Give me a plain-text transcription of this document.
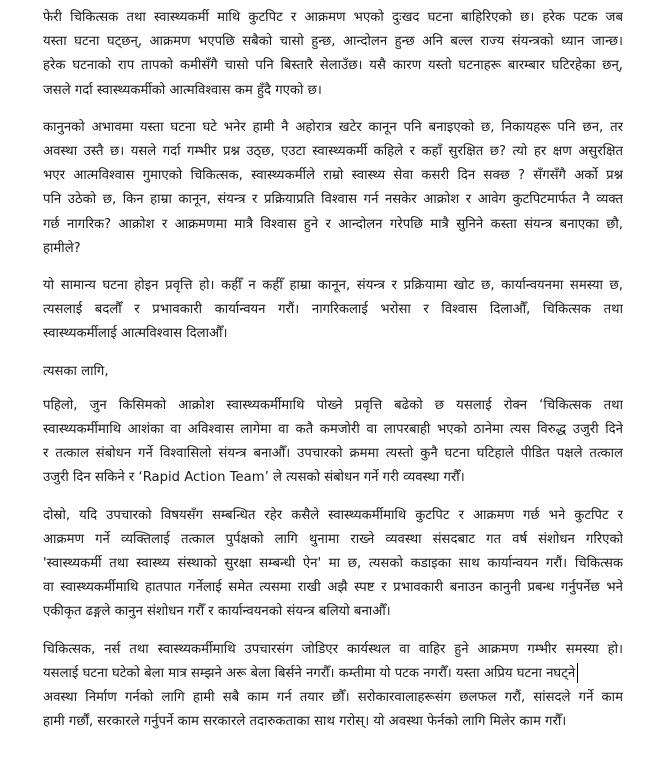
फेरी चिकित्सक तथा स्वास्थ्यकर्मी माथि कुटपिट र आक्रमण भएको दुःखद घटना बाहिरिएको छ। हरेक पटक जब
यस्ता घटना घट्छन्, आक्रमण भएपछि सबैको चासो हुन्छ, आन्दोलन हुन्छ अनि बल्ल राज्य संयन्त्रको ध्यान जान्छ।
हरेक घटनाको राप तापको कमीसँगै चासो पनि बिस्तारै सेलाउँछ। यसै कारण यस्तो घटनाहरू बारम्बार घटिरहेका छन्,
जसले गर्दा स्वास्थ्यकर्मीको आत्मविश्वास कम हुँदै गएको छ।
कानुनको अभावमा यस्ता घटना घटे भनेर हामी नै अहोरात्र खटेर कानून पनि बनाइएको छ, निकायहरू पनि छन, तर
अवस्था उस्तै छ। यसले गर्दा गम्भीर प्रश्न उठ्छ, एउटा स्वास्थ्यकर्मी कहिले र कहाँ सुरक्षित छ? त्यो हर क्षण असुरक्षित
भएर आत्मविश्वास गुमाएको चिकित्सक, स्वास्थ्यकर्मीले राम्रो स्वास्थ्य सेवा कसरी दिन सक्छ ? सँगसँगै अर्को प्रश्न
पनि उठेको छ, किन हाम्रा कानून, संयन्त्र र प्रक्रियाप्रति विश्वास गर्न नसकेर आक्रोश र आवेग कुटपिटमार्फत नै व्यक्त
गर्छ नागरिक? आक्रोश र आक्रमणमा मात्रै विश्वास हुने र आन्दोलन गरेपछि मात्रै सुनिने कस्ता संयन्त्र बनाएका छौ,
हामीले?
यो सामान्य घटना होइन प्रवृत्ति हो। कहीँ न कहीँ हाम्रा कानून, संयन्त्र र प्रक्रियामा खोट छ, कार्यान्वयनमा समस्या छ,
त्यसलाई बदलौँ र प्रभावकारी कार्यान्वयन गरौं। नागरिकलाई भरोसा र विश्वास दिलाऔँ, चिकित्सक तथा
स्वास्थ्यकर्मीलाई आत्मविश्वास दिलाऔँ।
त्यसका लागि,
पहिलो, जुन किसिमको आक्रोश स्वास्थ्यकर्मीमाथि पोख्ने प्रवृत्ति बढेको छ यसलाई रोक्न ‘चिकित्सक तथा
स्वास्थ्यकर्मीमाथि आशंका वा अविश्वास लागेमा वा कतै कमजोरी वा लापरबाही भएको ठानेमा त्यस विरुद्ध उजुरी दिने
र तत्काल संबोधन गर्ने विश्वासिलो संयन्त्र बनाऔँ। उपचारको क्रममा त्यस्तो कुनै घटना घटिहाले पीडित पक्षले तत्काल
उजुरी दिन सकिने र ‘Rapid Action Team’ ले त्यसको संबोधन गर्ने गरी व्यवस्था गरौँ।
दोस्रो, यदि उपचारको विषयसँग सम्बन्धित रहेर कसैले स्वास्थ्यकर्मीमाथि कुटपिट र आक्रमण गर्छ भने कुटपिट र
आक्रमण गर्ने व्यक्तिलाई तत्काल पुर्पक्षको लागि थुनामा राख्ने व्यवस्था संसदबाट गत वर्ष संशोधन गरिएको
'स्वास्थ्यकर्मी तथा स्वास्थ्य संस्थाको सुरक्षा सम्बन्धी ऐन' मा छ, त्यसको कडाइका साथ कार्यान्वयन गरौं। चिकित्सक
वा स्वास्थ्यकर्मीमाथि हातपात गर्नेलाई समेत त्यसमा राखी अझै स्पष्ट र प्रभावकारी बनाउन कानुनी प्रबन्ध गर्नुपर्नेछ भने
एकीकृत ढङ्गले कानुन संशोधन गरौँ र कार्यान्वयनको संयन्त्र बलियो बनाऔँ।
चिकित्सक, नर्स तथा स्वास्थ्यकर्मीमाथि उपचारसंग जोडिएर कार्यस्थल वा वाहिर हुने आक्रमण गम्भीर समस्या हो।
यसलाई घटना घटेको बेला मात्र सम्झने अरू बेला बिर्सने नगरौँ। कम्तीमा यो पटक नगरौँ। यस्ता अप्रिय घटना नघट्ने
अवस्था निर्माण गर्नको लागि हामी सबै काम गर्न तयार छौँ। सरोकारवालाहरूसंग छलफल गरौं, सांसदले गर्ने काम
हामी गर्छौं, सरकारले गर्नुपर्ने काम सरकारले तदारुकताका साथ गरोस्। यो अवस्था फेर्नको लागि मिलेर काम गरौँ।
